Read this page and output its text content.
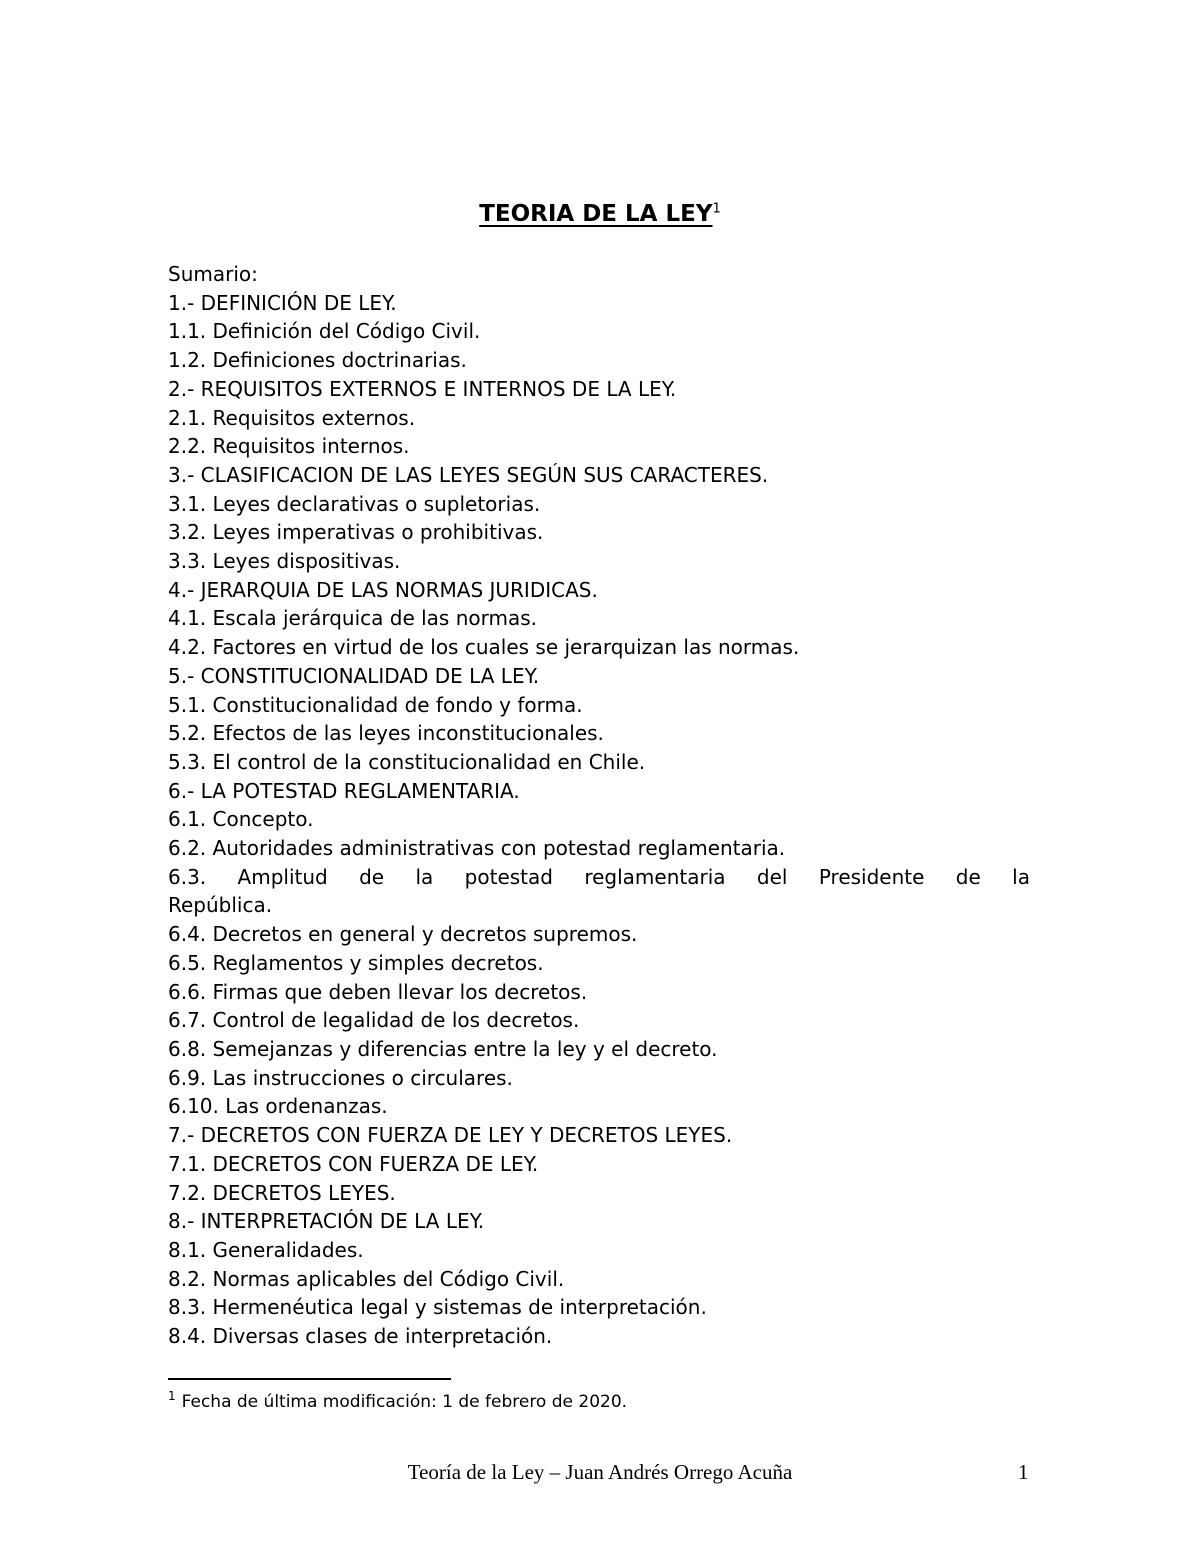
TEORIA DE LA LEY$^1$

Sumario:

1.- DEFINICIÓN DE LEY.

1.1. Definición del Código Civil.

1.2. Definiciones doctrinarias.

2.- REQUISITOS EXTERNOS E INTERNOS DE LA LEY.

2.1. Requisitos externos.

2.2. Requisitos internos.

3.- CLASIFICACION DE LAS LEYES SEGÚN SUS CARACTERES.

3.1. Leyes declarativas o supletorias.

3.2. Leyes imperativas o prohibitivas.

3.3. Leyes dispositivas.

4.- JERARQUIA DE LAS NORMAS JURIDICAS.

4.1. Escala jerárquica de las normas.

4.2. Factores en virtud de los cuales se jerarquizan las normas.

5.- CONSTITUCIONALIDAD DE LA LEY.

5.1. Constitucionalidad de fondo y forma.

5.2. Efectos de las leyes inconstitucionales.

5.3. El control de la constitucionalidad en Chile.

6.- LA POTESTAD REGLAMENTARIA.

6.1. Concepto.

6.2. Autoridades administrativas con potestad reglamentaria.

6.3. Amplitud de la potestad reglamentaria del Presidente de la

República.

6.4. Decretos en general y decretos supremos.

6.5. Reglamentos y simples decretos.

6.6. Firmas que deben llevar los decretos.

6.7. Control de legalidad de los decretos.

6.8. Semejanzas y diferencias entre la ley y el decreto.

6.9. Las instrucciones o circulares.

6.10. Las ordenanzas.

7.- DECRETOS CON FUERZA DE LEY Y DECRETOS LEYES.

7.1. DECRETOS CON FUERZA DE LEY.

7.2. DECRETOS LEYES.

8.- INTERPRETACIÓN DE LA LEY.

8.1. Generalidades.

8.2. Normas aplicables del Código Civil.

8.3. Hermenéutica legal y sistemas de interpretación.

8.4. Diversas clases de interpretación.

$^1$ Fecha de última modificación: 1 de febrero de 2020.
Teoría de la Ley – Juan Andrés Orrego Acuña	1
